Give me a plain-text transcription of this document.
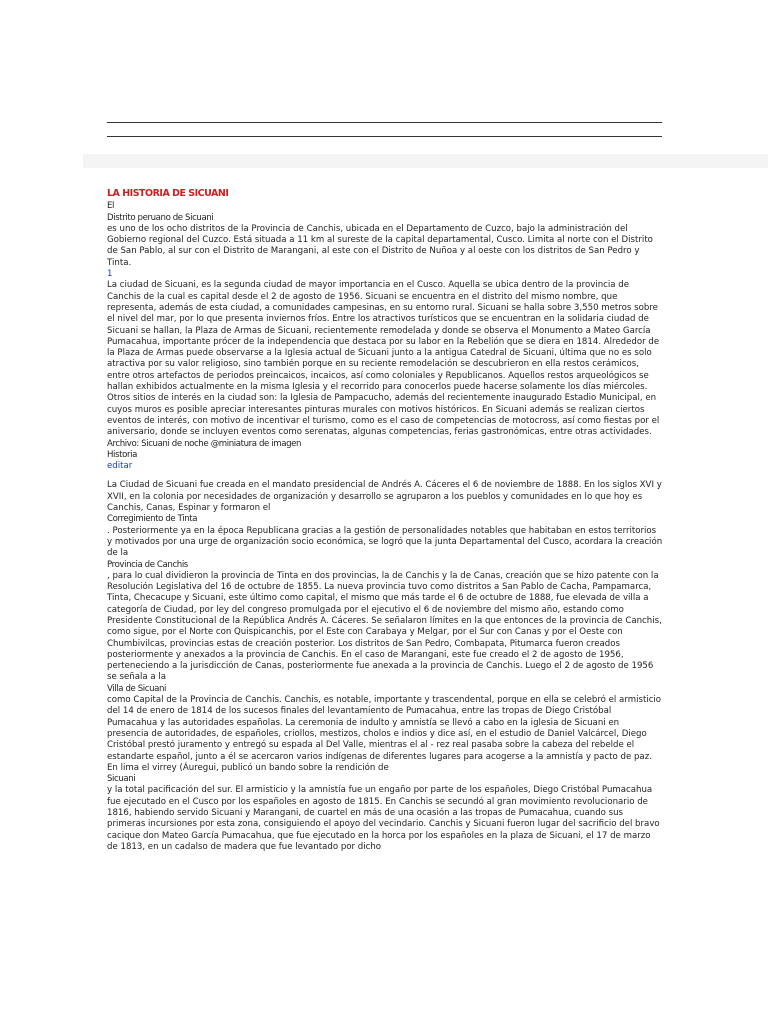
LA HISTORIA DE SICUANI
El
Distrito peruano de Sicuani
es uno de los ocho distritos de la Provincia de Canchis, ubicada en el Departamento de Cuzco, bajo la administración del Gobierno regional del Cuzco. Está situada a 11 km al sureste de la capital departamental, Cusco. Limita al norte con el Distrito de San Pablo, al sur con el Distrito de Marangani, al este con el Distrito de Nuñoa y al oeste con los distritos de San Pedro y Tinta.
1
La ciudad de Sicuani, es la segunda ciudad de mayor importancia en el Cusco. Aquella se ubica dentro de la provincia de Canchis de la cual es capital desde el 2 de agosto de 1956. Sicuani se encuentra en el distrito del mismo nombre, que representa, además de esta ciudad, a comunidades campesinas, en su entorno rural. Sicuani se halla sobre 3,550 metros sobre el nivel del mar, por lo que presenta inviernos fríos. Entre los atractivos turísticos que se encuentran en la solidaria ciudad de Sicuani se hallan, la Plaza de Armas de Sicuani, recientemente remodelada y donde se observa el Monumento a Mateo García Pumacahua, importante prócer de la independencia que destaca por su labor en la Rebelión que se diera en 1814. Alrededor de la Plaza de Armas puede observarse a la Iglesia actual de Sicuani junto a la antigua Catedral de Sicuani, última que no es solo atractiva por su valor religioso, sino también porque en su reciente remodelación se descubrieron en ella restos cerámicos, entre otros artefactos de periodos preincaicos, incaicos, así como coloniales y Republicanos. Aquellos restos arqueológicos se hallan exhibidos actualmente en la misma Iglesia y el recorrido para conocerlos puede hacerse solamente los días miércoles. Otros sitios de interés en la ciudad son: la Iglesia de Pampacucho, además del recientemente inaugurado Estadio Municipal, en cuyos muros es posible apreciar interesantes pinturas murales con motivos históricos. En Sicuani además se realizan ciertos eventos de interés, con motivo de incentivar el turismo, como es el caso de competencias de motocross, así como fiestas por el aniversario, donde se incluyen eventos como serenatas, algunas competencias, ferias gastronómicas, entre otras actividades.
Archivo: Sicuani de noche @miniatura de imagen
Historia
editar
La Ciudad de Sicuani fue creada en el mandato presidencial de Andrés A. Cáceres el 6 de noviembre de 1888. En los siglos XVI y XVII, en la colonia por necesidades de organización y desarrollo se agruparon a los pueblos y comunidades en lo que hoy es Canchis, Canas, Espinar y formaron el
Corregimiento de Tinta
. Posteriormente ya en la época Republicana gracias a la gestión de personalidades notables que habitaban en estos territorios y motivados por una urge de organización socio económica, se logró que la junta Departamental del Cusco, acordara la creación de la
Provincia de Canchis
, para lo cual dividieron la provincia de Tinta en dos provincias, la de Canchis y la de Canas, creación que se hizo patente con la Resolución Legislativa del 16 de octubre de 1855. La nueva provincia tuvo como distritos a San Pablo de Cacha, Pampamarca, Tinta, Checacupe y Sicuani, este último como capital, el mismo que más tarde el 6 de octubre de 1888, fue elevada de villa a categoría de Ciudad, por ley del congreso promulgada por el ejecutivo el 6 de noviembre del mismo año, estando como Presidente Constitucional de la República Andrés A. Cáceres. Se señalaron límites en la que entonces de la provincia de Canchis, como sigue, por el Norte con Quispicanchis, por el Este con Carabaya y Melgar, por el Sur con Canas y por el Oeste con Chumbivilcas, provincias estas de creación posterior. Los distritos de San Pedro, Combapata, Pitumarca fueron creados posteriormente y anexados a la provincia de Canchis. En el caso de Marangani, este fue creado el 2 de agosto de 1956, perteneciendo a la jurisdicción de Canas, posteriormente fue anexada a la provincia de Canchis. Luego el 2 de agosto de 1956 se señala a la
Villa de Sicuani
como Capital de la Provincia de Canchis. Canchis, es notable, importante y trascendental, porque en ella se celebró el armisticio del 14 de enero de 1814 de los sucesos finales del levantamiento de Pumacahua, entre las tropas de Diego Cristóbal Pumacahua y las autoridades españolas. La ceremonia de indulto y amnistía se llevó a cabo en la iglesia de Sicuani en presencia de autoridades, de españoles, criollos, mestizos, cholos e indios y dice así, en el estudio de Daniel Valcárcel, Diego Cristóbal prestó juramento y entregó su espada al Del Valle, mientras el al - rez real pasaba sobre la cabeza del rebelde el estandarte español, junto a él se acercaron varios indígenas de diferentes lugares para acogerse a la amnistía y pacto de paz. En lima el virrey (Áuregui, publicó un bando sobre la rendición de
Sicuani
y la total pacificación del sur. El armisticio y la amnistía fue un engaño por parte de los españoles, Diego Cristóbal Pumacahua fue ejecutado en el Cusco por los españoles en agosto de 1815. En Canchis se secundó al gran movimiento revolucionario de 1816, habiendo servido Sicuani y Marangani, de cuartel en más de una ocasión a las tropas de Pumacahua, cuando sus primeras incursiones por esta zona, consiguiendo el apoyo del vecindario. Canchis y Sicuani fueron lugar del sacrificio del bravo cacique don Mateo García Pumacahua, que fue ejecutado en la horca por los españoles en la plaza de Sicuani, el 17 de marzo de 1813, en un cadalso de madera que fue levantado por dicho
